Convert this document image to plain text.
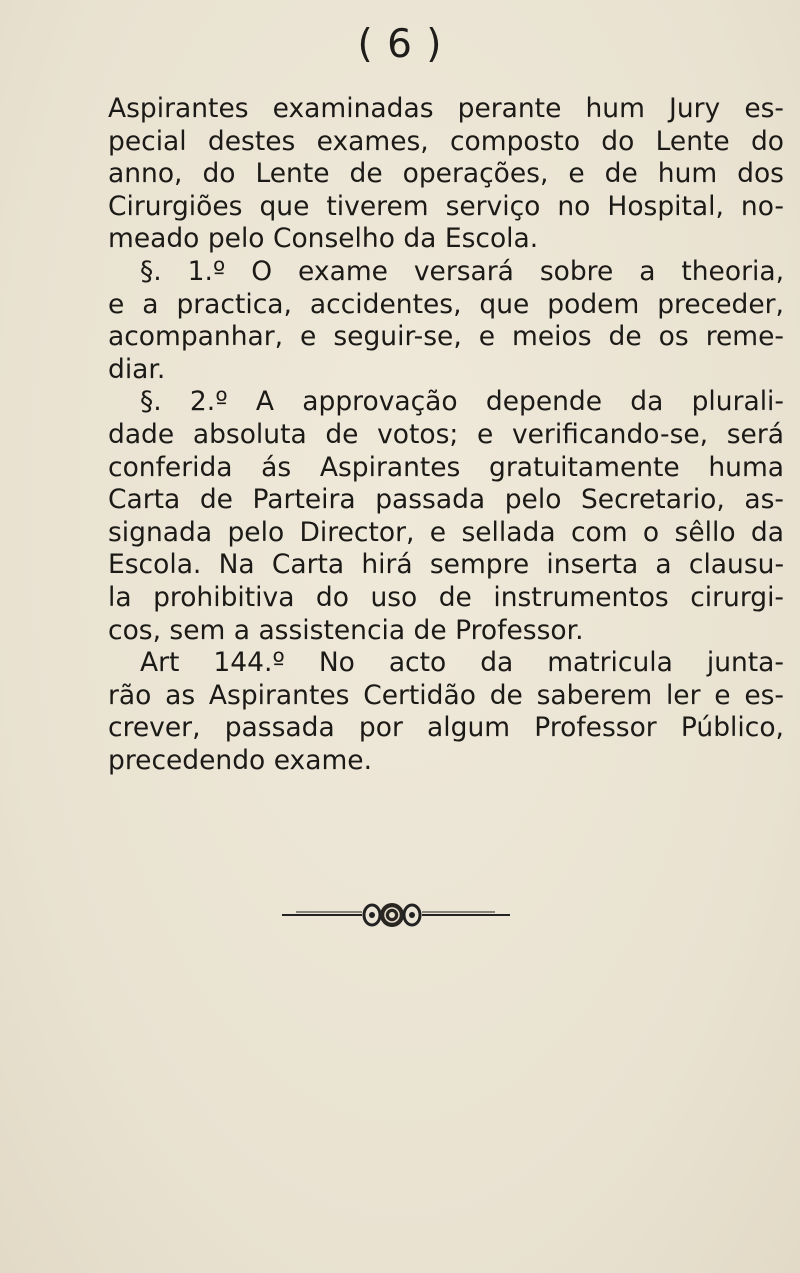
( 6 )
Aspirantes examinadas perante hum Jury es-
pecial destes exames, composto do Lente do
anno, do Lente de operações, e de hum dos
Cirurgiões que tiverem serviço no Hospital, no-
meado pelo Conselho da Escola.
§. 1.º O exame versará sobre a theoria,
e a practica, accidentes, que podem preceder,
acompanhar, e seguir-se, e meios de os reme-
diar.
§. 2.º A approvação depende da plurali-
dade absoluta de votos; e verificando-se, será
conferida ás Aspirantes gratuitamente huma
Carta de Parteira passada pelo Secretario, as-
signada pelo Director, e sellada com o sêllo da
Escola. Na Carta hirá sempre inserta a clausu-
la prohibitiva do uso de instrumentos cirurgi-
cos, sem a assistencia de Professor.
Art 144.º No acto da matricula junta-
rão as Aspirantes Certidão de saberem ler e es-
crever, passada por algum Professor Público,
precedendo exame.
